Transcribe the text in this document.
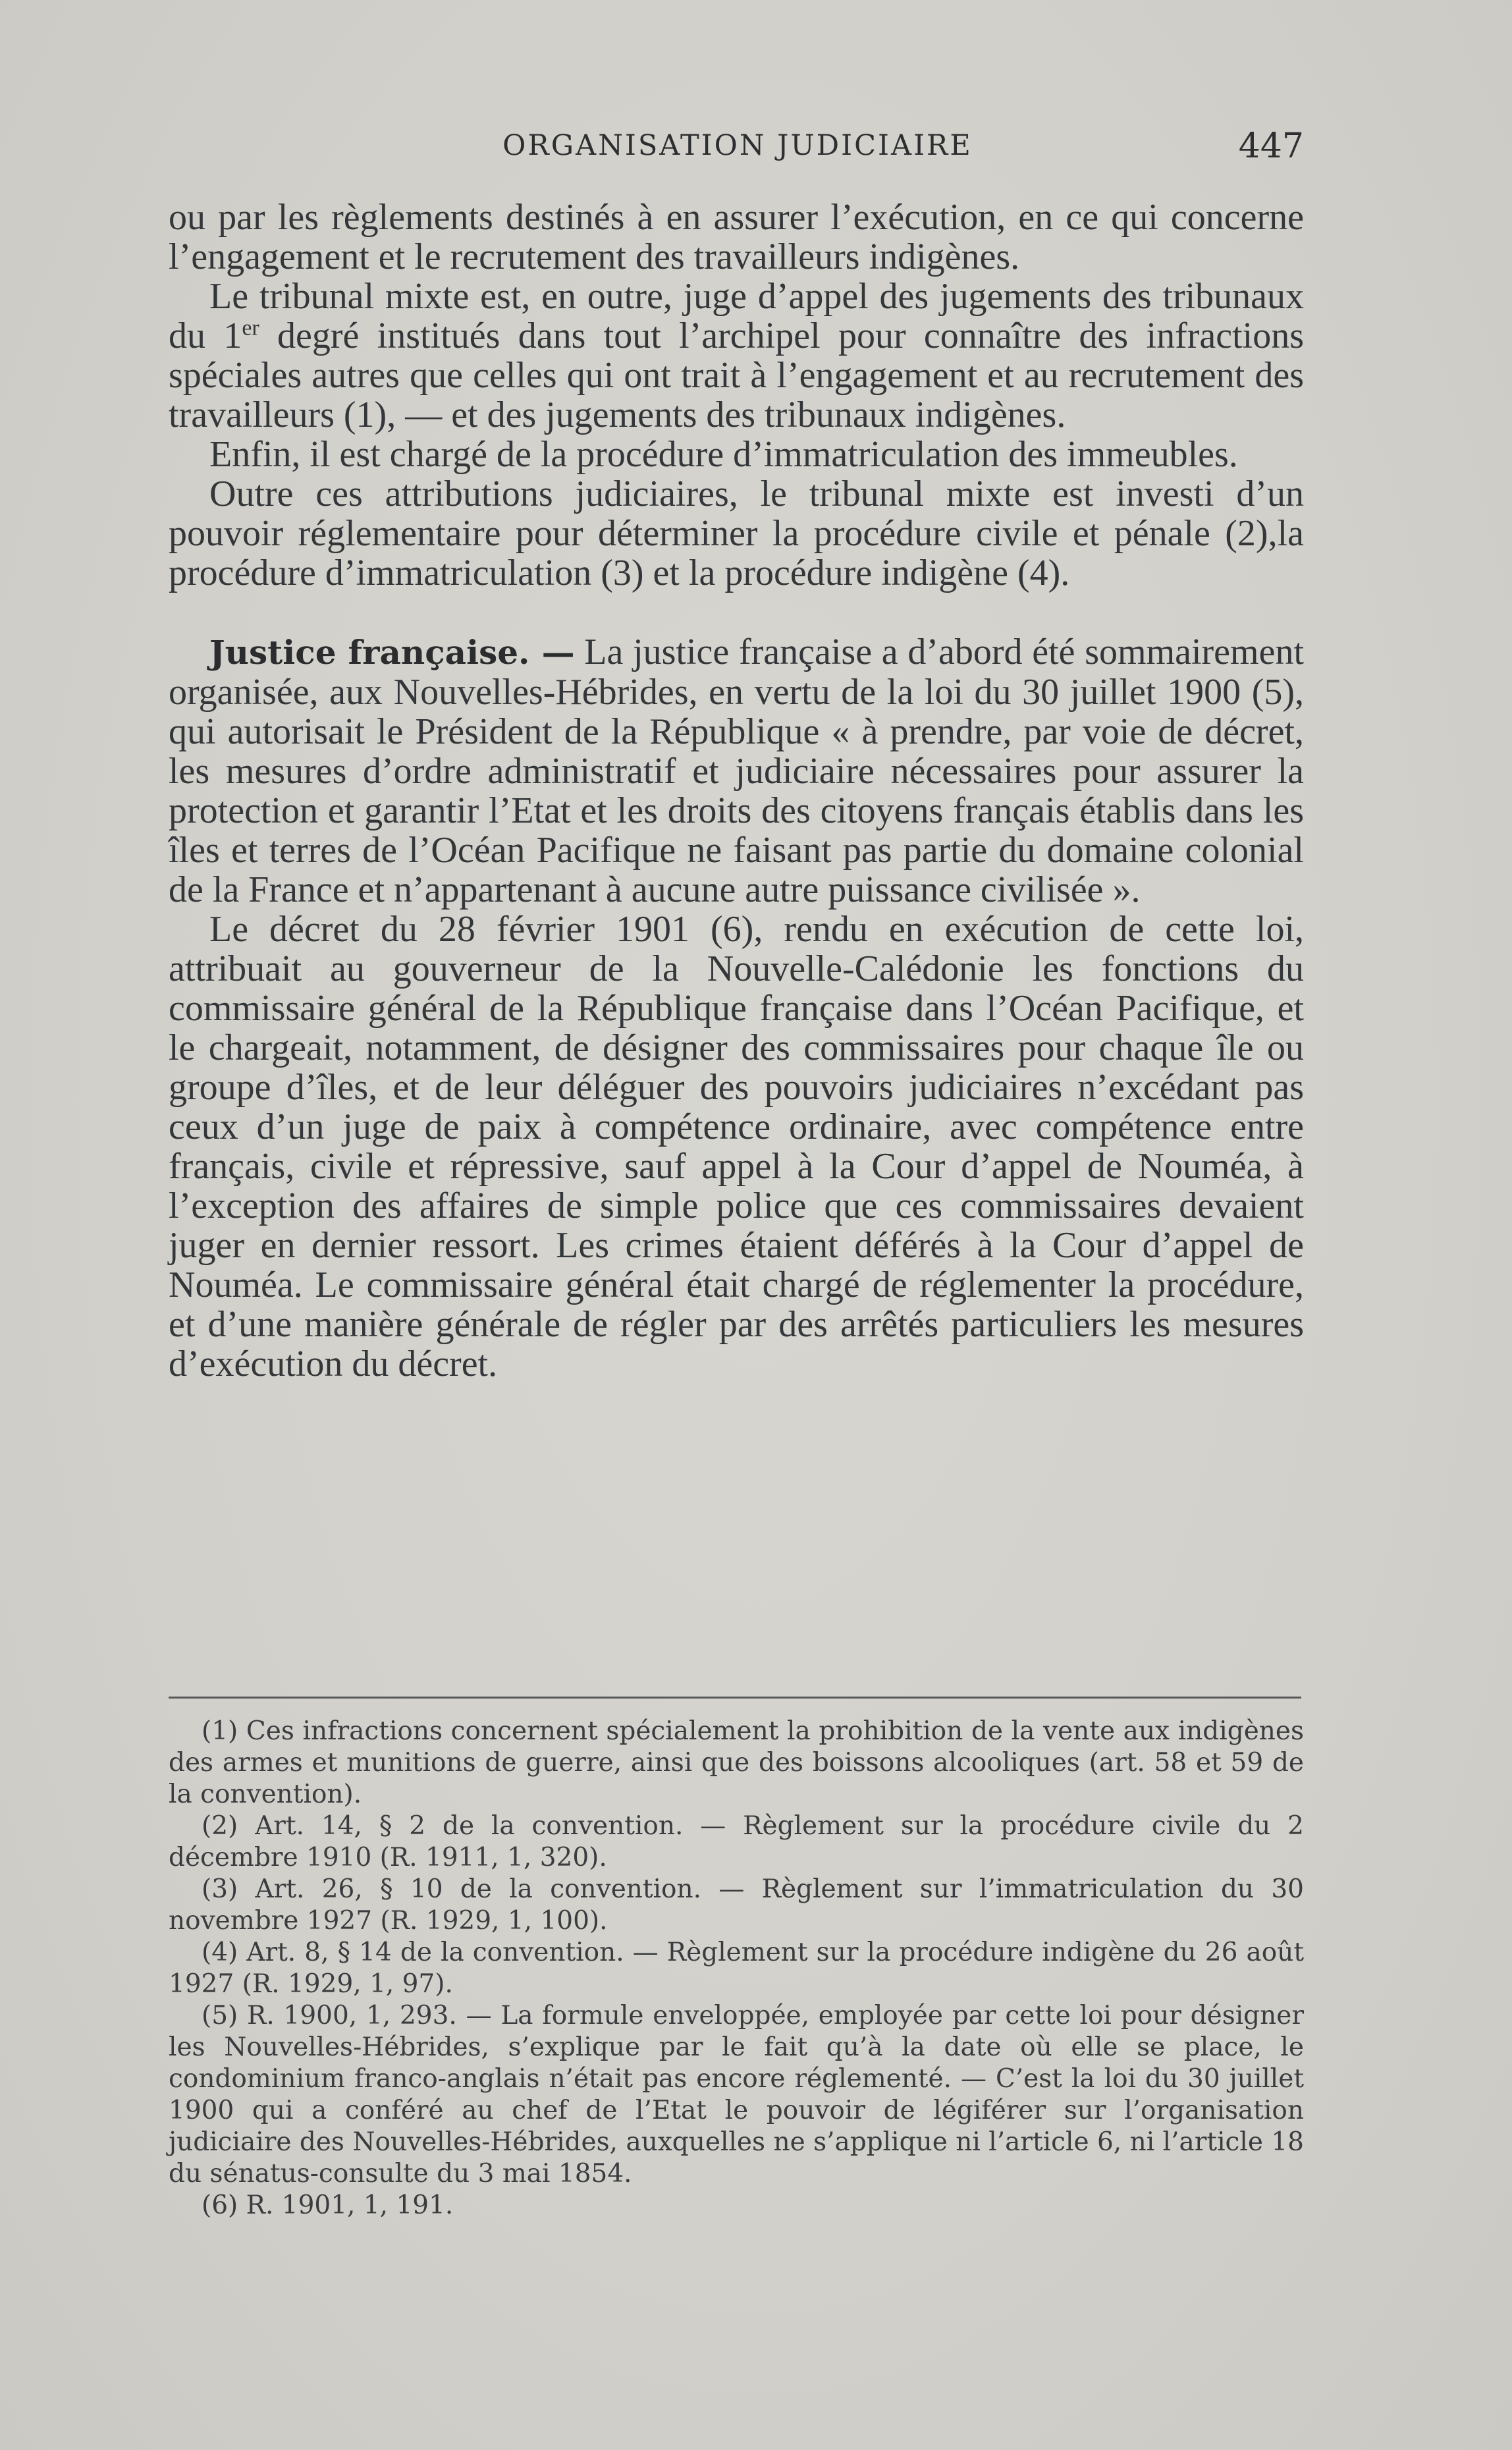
ORGANISATION JUDICIAIRE	447

ou par les règlements destinés à en assurer l’exécution, en ce qui concerne l’engagement et le recrutement des travailleurs indigènes.

Le tribunal mixte est, en outre, juge d’appel des jugements des tribunaux du 1er degré institués dans tout l’archipel pour connaître des infractions spéciales autres que celles qui ont trait à l’engagement et au recrutement des travailleurs (1), — et des jugements des tribunaux indigènes.

Enfin, il est chargé de la procédure d’immatriculation des immeubles.

Outre ces attributions judiciaires, le tribunal mixte est investi d’un pouvoir réglementaire pour déterminer la procédure civile et pénale (2),la procédure d’immatriculation (3) et la procédure indigène (4).

Justice française. — La justice française a d’abord été sommairement organisée, aux Nouvelles-Hébrides, en vertu de la loi du 30 juillet 1900 (5), qui autorisait le Président de la République « à prendre, par voie de décret, les mesures d’ordre administratif et judiciaire nécessaires pour assurer la protection et garantir l’Etat et les droits des citoyens français établis dans les îles et terres de l’Océan Pacifique ne faisant pas partie du domaine colonial de la France et n’appartenant à aucune autre puissance civilisée ».

Le décret du 28 février 1901 (6), rendu en exécution de cette loi, attribuait au gouverneur de la Nouvelle-Calédonie les fonctions du commissaire général de la République française dans l’Océan Pacifique, et le chargeait, notamment, de désigner des commissaires pour chaque île ou groupe d’îles, et de leur déléguer des pouvoirs judiciaires n’excédant pas ceux d’un juge de paix à compétence ordinaire, avec compétence entre français, civile et répressive, sauf appel à la Cour d’appel de Nouméa, à l’exception des affaires de simple police que ces commissaires devaient juger en dernier ressort. Les crimes étaient déférés à la Cour d’appel de Nouméa. Le commissaire général était chargé de réglementer la procédure, et d’une manière générale de régler par des arrêtés particuliers les mesures d’exécution du décret.

(1) Ces infractions concernent spécialement la prohibition de la vente aux indigènes des armes et munitions de guerre, ainsi que des boissons alcooliques (art. 58 et 59 de la convention).

(2) Art. 14, § 2 de la convention. — Règlement sur la procédure civile du 2 décembre 1910 (R. 1911, 1, 320).

(3) Art. 26, § 10 de la convention. — Règlement sur l’immatriculation du 30 novembre 1927 (R. 1929, 1, 100).

(4) Art. 8, § 14 de la convention. — Règlement sur la procédure indigène du 26 août 1927 (R. 1929, 1, 97).

(5) R. 1900, 1, 293. — La formule enveloppée, employée par cette loi pour désigner les Nouvelles-Hébrides, s’explique par le fait qu’à la date où elle se place, le condominium franco-anglais n’était pas encore réglementé. — C’est la loi du 30 juillet 1900 qui a conféré au chef de l’Etat le pouvoir de légiférer sur l’organisation judiciaire des Nouvelles-Hébrides, auxquelles ne s’applique ni l’article 6, ni l’article 18 du sénatus-consulte du 3 mai 1854.

(6) R. 1901, 1, 191.
